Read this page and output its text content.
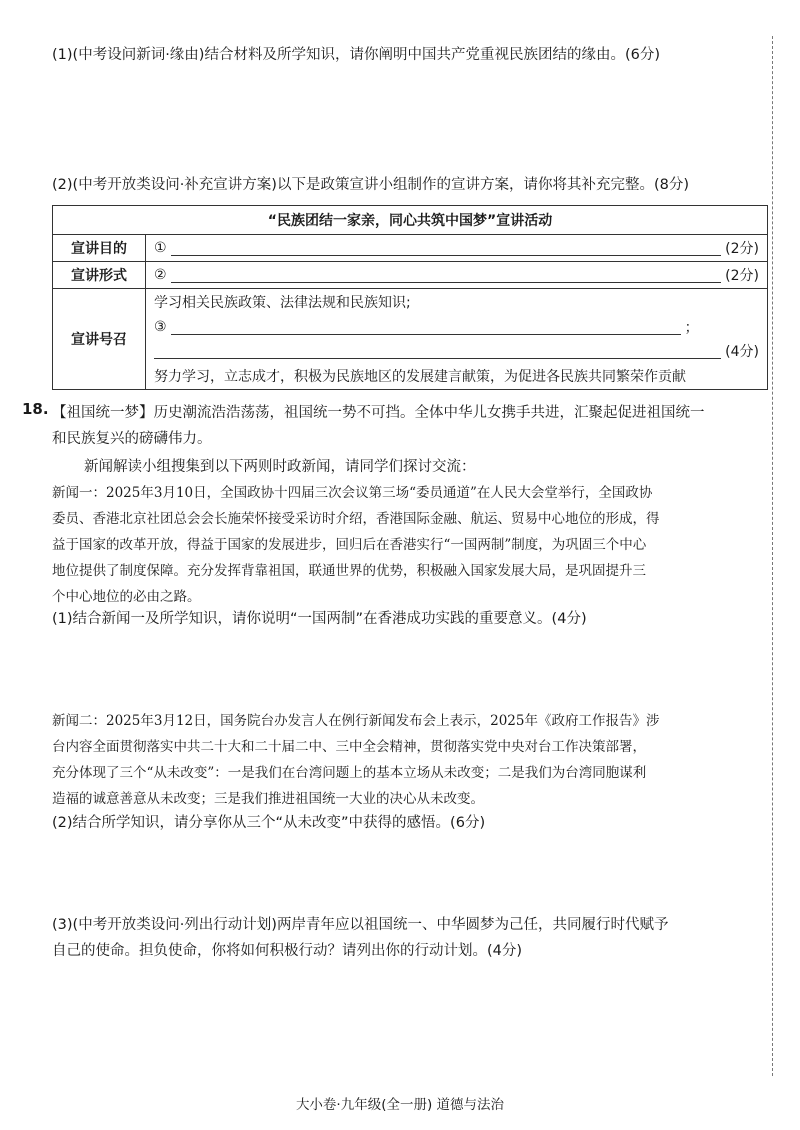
(1)(中考设问新词·缘由)结合材料及所学知识，请你阐明中国共产党重视民族团结的缘由。(6分)
(2)(中考开放类设问·补充宣讲方案)以下是政策宣讲小组制作的宣讲方案，请你将其补充完整。(8分)
“民族团结一家亲，同心共筑中国梦”宣讲活动	
宣讲目的	① (2分)

宣讲形式	② (2分)

宣讲号召	学习相关民族政策、法律法规和民族知识;
③ ；
(4分)
努力学习，立志成才，积极为民族地区的发展建言献策，为促进各民族共同繁荣作贡献
18. 【祖国统一梦】历史潮流浩浩荡荡，祖国统一势不可挡。全体中华儿女携手共进，汇聚起促进祖国统一
和民族复兴的磅礴伟力。
新闻解读小组搜集到以下两则时政新闻，请同学们探讨交流：
新闻一：2025年3月10日，全国政协十四届三次会议第三场“委员通道”在人民大会堂举行，全国政协
委员、香港北京社团总会会长施荣怀接受采访时介绍，香港国际金融、航运、贸易中心地位的形成，得
益于国家的改革开放，得益于国家的发展进步，回归后在香港实行“一国两制”制度，为巩固三个中心
地位提供了制度保障。充分发挥背靠祖国，联通世界的优势，积极融入国家发展大局，是巩固提升三
个中心地位的必由之路。
(1)结合新闻一及所学知识，请你说明“一国两制”在香港成功实践的重要意义。(4分)
新闻二：2025年3月12日，国务院台办发言人在例行新闻发布会上表示，2025年《政府工作报告》涉
台内容全面贯彻落实中共二十大和二十届二中、三中全会精神，贯彻落实党中央对台工作决策部署，
充分体现了三个“从未改变”：一是我们在台湾问题上的基本立场从未改变；二是我们为台湾同胞谋利
造福的诚意善意从未改变；三是我们推进祖国统一大业的决心从未改变。
(2)结合所学知识，请分享你从三个“从未改变”中获得的感悟。(6分)
(3)(中考开放类设问·列出行动计划)两岸青年应以祖国统一、中华圆梦为己任，共同履行时代赋予
自己的使命。担负使命，你将如何积极行动？请列出你的行动计划。(4分)
大小卷·九年级(全一册) 道德与法治
